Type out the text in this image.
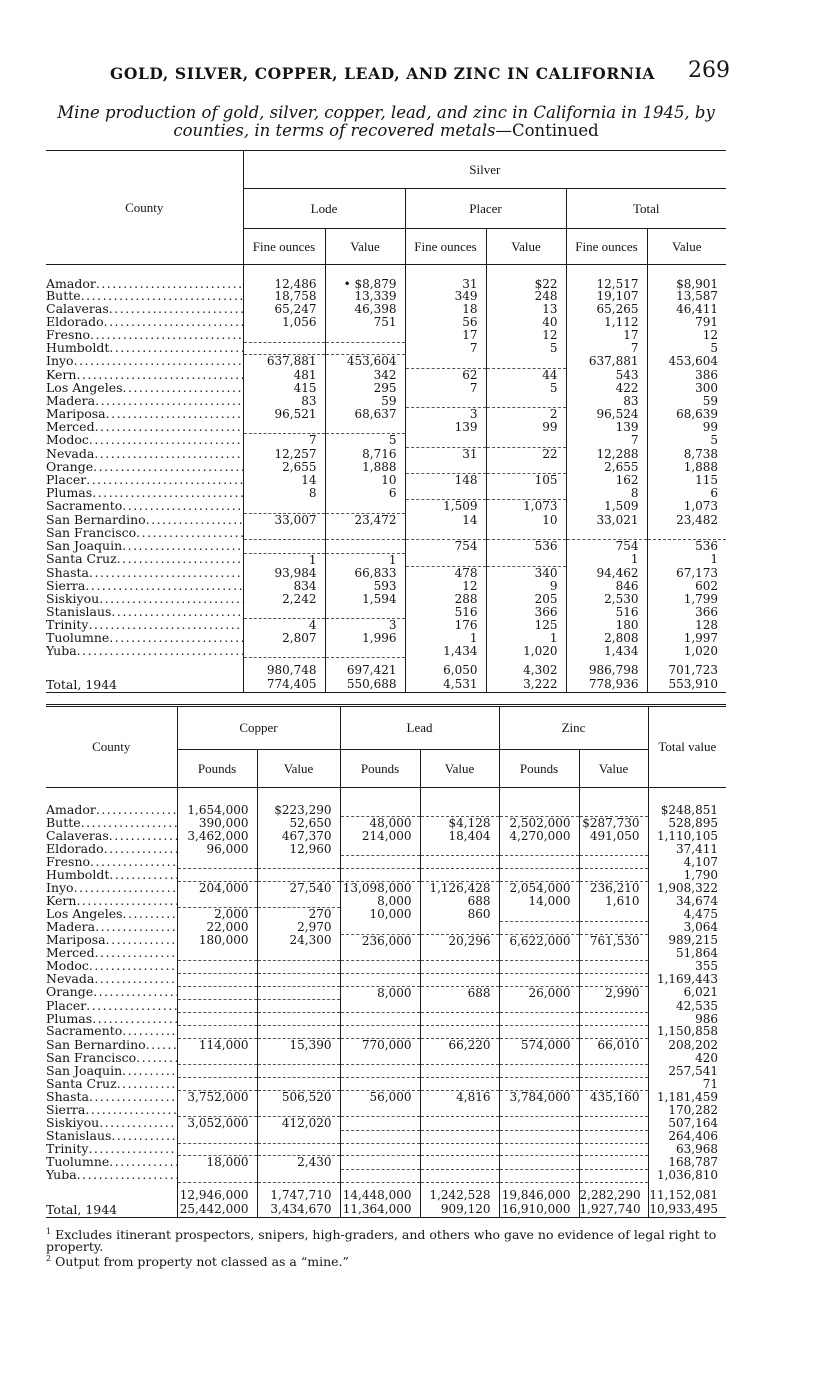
GOLD, SILVER, COPPER, LEAD, AND ZINC IN CALIFORNIA 269
Mine production of gold, silver, copper, lead, and zinc in California in 1945, by counties, in terms of recovered metals—Continued
County	Silver					
	Lode		Placer		Total	
	Fine ounces	Value	Fine ounces	Value	Fine ounces	Value

Amador .....	12,486	• $8,879	31	$22	12,517	$8,901
Butte .....	18,758	13,339	349	248	19,107	13,587
Calaveras .....	65,247	46,398	18	13	65,265	46,411
Eldorado .....	1,056	751	56	40	1,112	791
Fresno .....			17	12	17	12
Humboldt .....			7	5	7	5
Inyo .....	637,881	453,604			637,881	453,604
Kern .....	481	342	62	44	543	386
Los Angeles .....	415	295	7	5	422	300
Madera .....	83	59			83	59
Mariposa .....	96,521	68,637	3	2	96,524	68,639
Merced .....			139	99	139	99
Modoc .....	7	5			7	5
Nevada .....	12,257	8,716	31	22	12,288	8,738
Orange .....	2,655	1,888			2,655	1,888
Placer .....	14	10	148	105	162	115
Plumas .....	8	6			8	6
Sacramento .....			1,509	1,073	1,509	1,073
San Bernardino .....	33,007	23,472	14	10	33,021	23,482
San Francisco .....						
San Joaquin .....			754	536	754	536
Santa Cruz .....	1	1			1	1
Shasta .....	93,984	66,833	478	340	94,462	67,173
Sierra .....	834	593	12	9	846	602
Siskiyou .....	2,242	1,594	288	205	2,530	1,799
Stanislaus .....			516	366	516	366
Trinity .....	4	3	176	125	180	128
Tuolumne .....	2,807	1,996	1	1	2,808	1,997
Yuba .....			1,434	1,020	1,434	1,020
	980,748	697,421	6,050	4,302	986,798	701,723
Total, 1944	774,405	550,688	4,531	3,222	778,936	553,910
County	Copper		Lead		Zinc		Total value
	Pounds	Value	Pounds	Value	Pounds	Value	

Amador .....	1,654,000	$223,290					$248,851
Butte .....	390,000	52,650	48,000	$4,128	2,502,000	$287,730	528,895
Calaveras .....	3,462,000	467,370	214,000	18,404	4,270,000	491,050	1,110,105
Eldorado .....	96,000	12,960					37,411
Fresno .....							4,107
Humboldt .....							1,790
Inyo .....	204,000	27,540	13,098,000	1,126,428	2,054,000	236,210	1,908,322
Kern .....			8,000	688	14,000	1,610	34,674
Los Angeles .....	2,000	270	10,000	860			4,475
Madera .....	22,000	2,970					3,064
Mariposa .....	180,000	24,300	236,000	20,296	6,622,000	761,530	989,215
Merced .....							51,864
Modoc .....							355
Nevada .....							1,169,443
Orange .....			8,000	688	26,000	2,990	6,021
Placer .....							42,535
Plumas .....							986
Sacramento .....							1,150,858
San Bernardino .....	114,000	15,390	770,000	66,220	574,000	66,010	208,202
San Francisco .....							420
San Joaquin .....							257,541
Santa Cruz .....							71
Shasta .....	3,752,000	506,520	56,000	4,816	3,784,000	435,160	1,181,459
Sierra .....							170,282
Siskiyou .....	3,052,000	412,020					507,164
Stanislaus .....							264,406
Trinity .....							63,968
Tuolumne .....	18,000	2,430					168,787
Yuba .....							1,036,810
	12,946,000	1,747,710	14,448,000	1,242,528	19,846,000	2,282,290	11,152,081
Total, 1944	25,442,000	3,434,670	11,364,000	909,120	16,910,000	1,927,740	10,933,495

$^1$ Excludes itinerant prospectors, snipers, high-graders, and others who gave no evidence of legal right to property.

$^2$ Output from property not classed as a “mine.”
